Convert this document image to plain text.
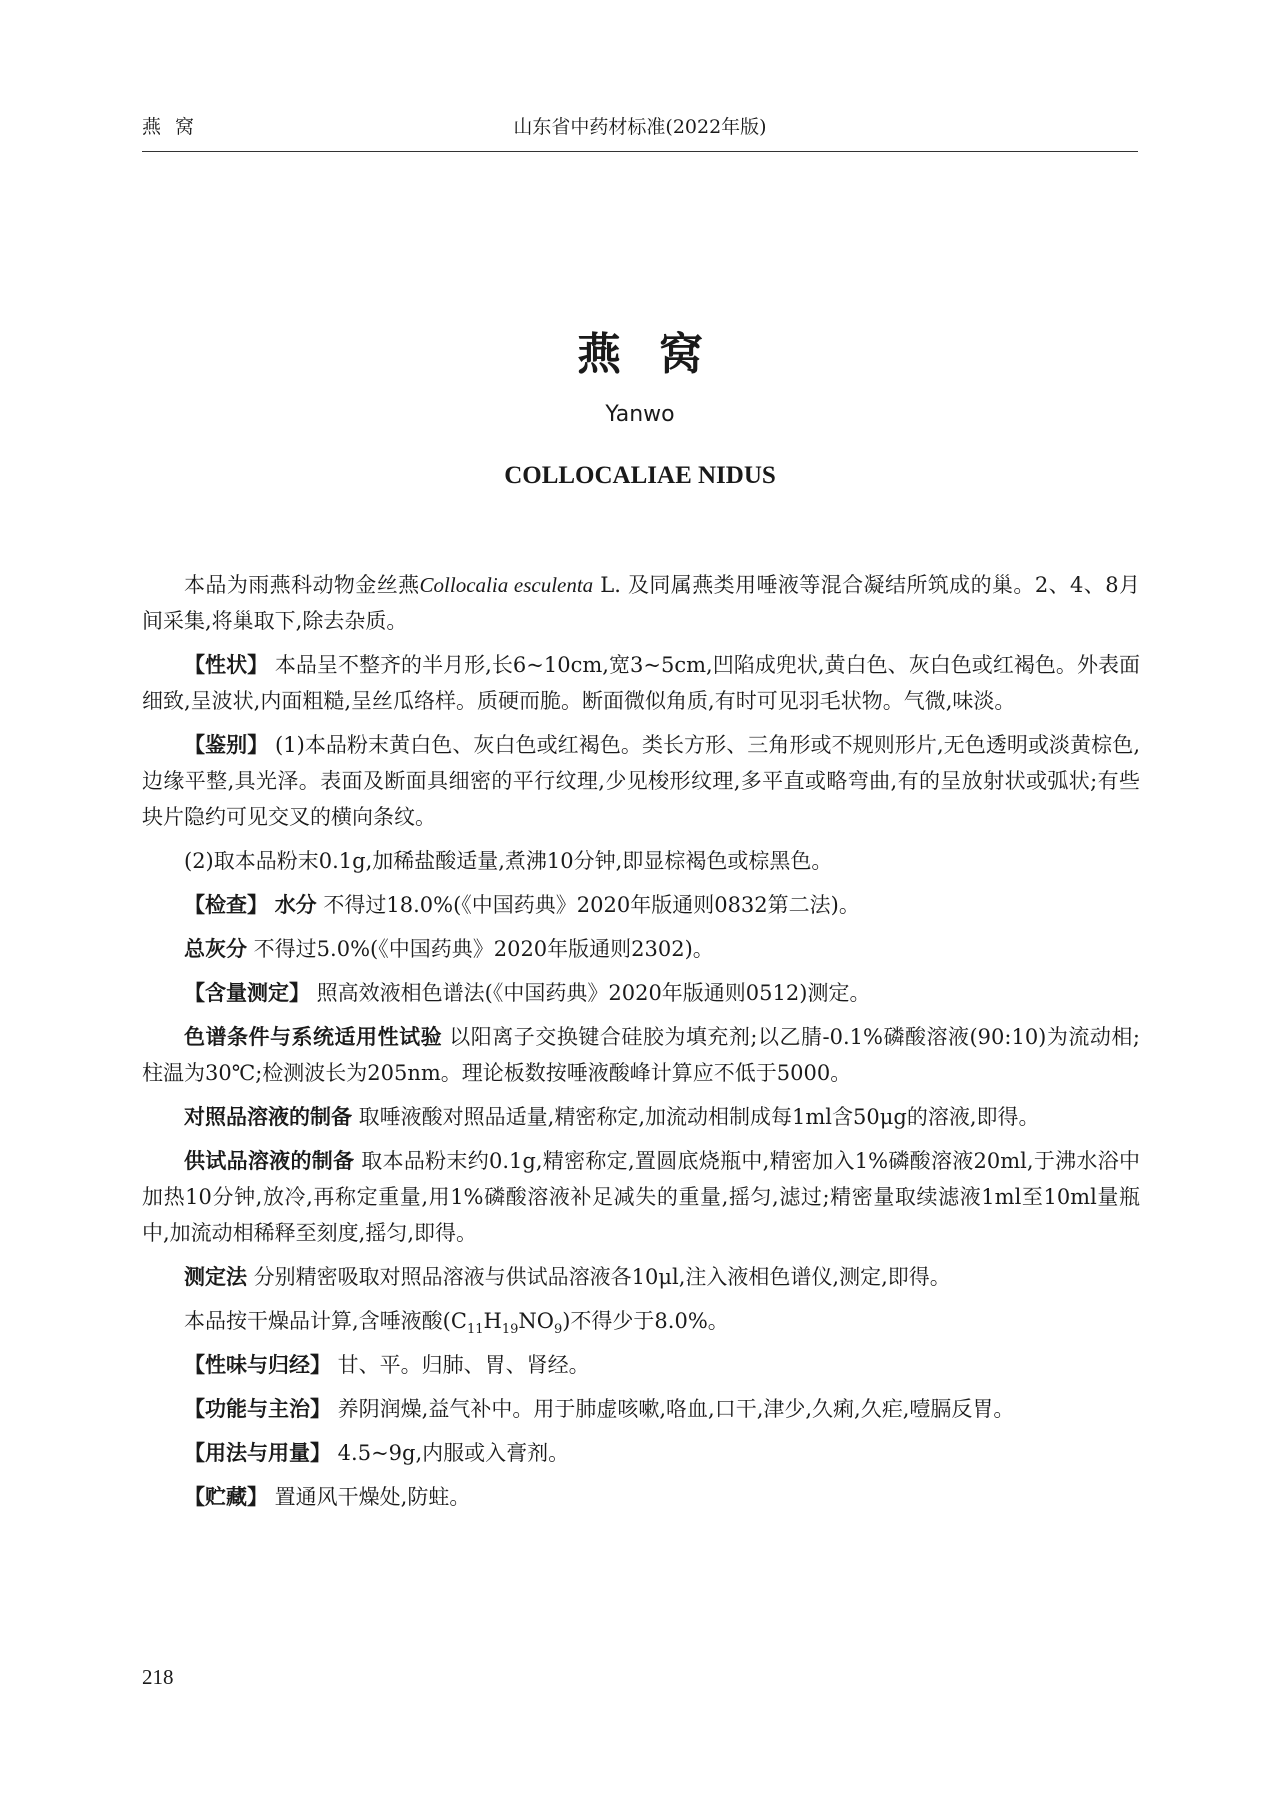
燕窝	山东省中药材标准(2022年版)
燕窝
Yanwo
COLLOCALIAE NIDUS

本品为雨燕科动物金丝燕Collocalia esculenta L. 及同属燕类用唾液等混合凝结所筑成的巢。2、4、8月间采集,将巢取下,除去杂质。

【性状】 本品呈不整齐的半月形,长6~10cm,宽3~5cm,凹陷成兜状,黄白色、灰白色或红褐色。外表面细致,呈波状,内面粗糙,呈丝瓜络样。质硬而脆。断面微似角质,有时可见羽毛状物。气微,味淡。

【鉴别】 (1)本品粉末黄白色、灰白色或红褐色。类长方形、三角形或不规则形片,无色透明或淡黄棕色,边缘平整,具光泽。表面及断面具细密的平行纹理,少见梭形纹理,多平直或略弯曲,有的呈放射状或弧状;有些块片隐约可见交叉的横向条纹。

(2)取本品粉末0.1g,加稀盐酸适量,煮沸10分钟,即显棕褐色或棕黑色。

【检查】 水分 不得过18.0%(《中国药典》2020年版通则0832第二法)。

总灰分 不得过5.0%(《中国药典》2020年版通则2302)。

【含量测定】 照高效液相色谱法(《中国药典》2020年版通则0512)测定。

色谱条件与系统适用性试验 以阳离子交换键合硅胶为填充剂;以乙腈-0.1%磷酸溶液(90:10)为流动相;柱温为30℃;检测波长为205nm。理论板数按唾液酸峰计算应不低于5000。

对照品溶液的制备 取唾液酸对照品适量,精密称定,加流动相制成每1ml含50μg的溶液,即得。

供试品溶液的制备 取本品粉末约0.1g,精密称定,置圆底烧瓶中,精密加入1%磷酸溶液20ml,于沸水浴中加热10分钟,放冷,再称定重量,用1%磷酸溶液补足减失的重量,摇匀,滤过;精密量取续滤液1ml至10ml量瓶中,加流动相稀释至刻度,摇匀,即得。

测定法 分别精密吸取对照品溶液与供试品溶液各10μl,注入液相色谱仪,测定,即得。

本品按干燥品计算,含唾液酸$(C_{11}H_{19}NO_9)$不得少于8.0%。

【性味与归经】 甘、平。归肺、胃、肾经。

【功能与主治】 养阴润燥,益气补中。用于肺虚咳嗽,咯血,口干,津少,久痢,久疟,噎膈反胃。

【用法与用量】 4.5~9g,内服或入膏剂。

【贮藏】 置通风干燥处,防蛀。

218
